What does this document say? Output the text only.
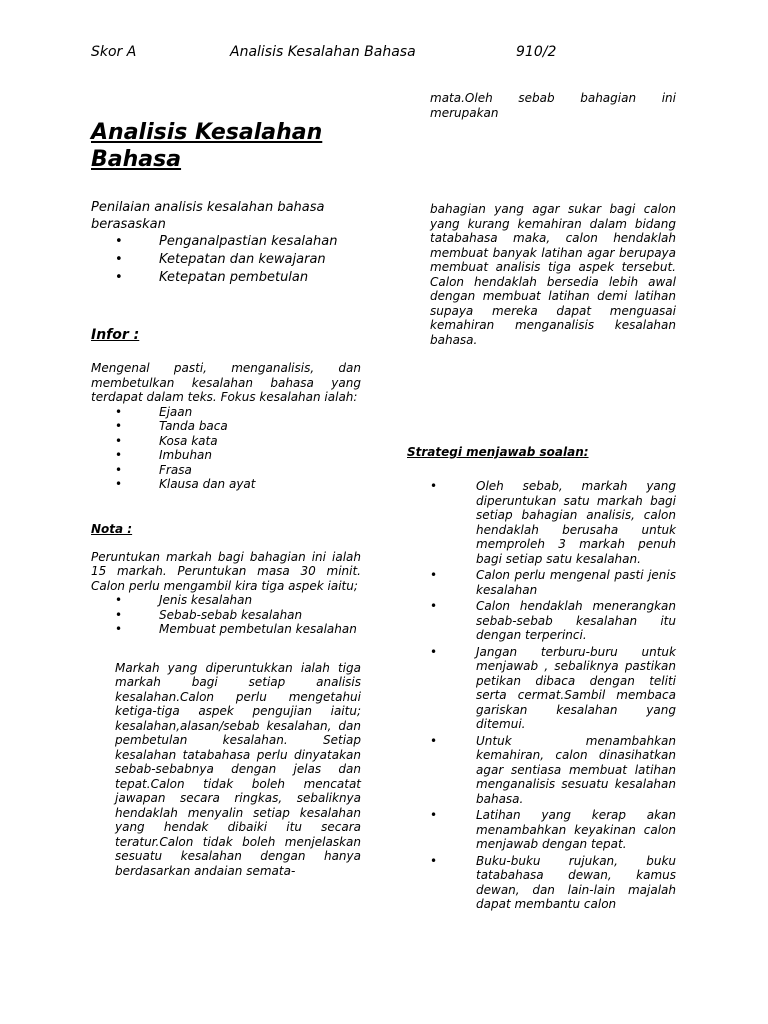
Skor A	Analisis Kesalahan Bahasa	910/2
Analisis Kesalahan Bahasa
Penilaian analisis kesalahan bahasa berasaskan
•	Penganalpastian kesalahan
•	Ketepatan dan kewajaran
•	Ketepatan pembetulan
Infor :
Mengenal pasti, menganalisis, dan membetulkan kesalahan bahasa yang terdapat dalam teks. Fokus kesalahan ialah:
•	Ejaan
•	Tanda baca
•	Kosa kata
•	Imbuhan
•	Frasa
•	Klausa dan ayat
Nota :
Peruntukan markah bagi bahagian ini ialah 15 markah. Peruntukan masa 30 minit. Calon perlu mengambil kira tiga aspek iaitu;
•	Jenis kesalahan
•	Sebab-sebab kesalahan
•	Membuat pembetulan kesalahan
Markah yang diperuntukkan ialah tiga markah bagi setiap analisis kesalahan.Calon perlu mengetahui ketiga-tiga aspek pengujian iaitu; kesalahan,alasan/sebab kesalahan, dan pembetulan kesalahan. Setiap kesalahan tatabahasa perlu dinyatakan sebab-sebabnya dengan jelas dan tepat.Calon tidak boleh mencatat jawapan secara ringkas, sebaliknya hendaklah menyalin setiap kesalahan yang hendak dibaiki itu secara teratur.Calon tidak boleh menjelaskan sesuatu kesalahan dengan hanya berdasarkan andaian semata-
mata.Oleh sebab bahagian ini merupakan
bahagian yang agar sukar bagi calon yang kurang kemahiran dalam bidang tatabahasa maka, calon hendaklah membuat banyak latihan agar berupaya membuat analisis tiga aspek tersebut. Calon hendaklah bersedia lebih awal dengan membuat latihan demi latihan supaya mereka dapat menguasai kemahiran menganalisis kesalahan bahasa.
Strategi menjawab soalan:
•	Oleh sebab, markah yang diperuntukan satu markah bagi setiap bahagian analisis, calon hendaklah berusaha untuk memproleh 3 markah penuh bagi setiap satu kesalahan.
•	Calon perlu mengenal pasti jenis kesalahan
•	Calon hendaklah menerangkan sebab-sebab kesalahan itu dengan terperinci.
•	Jangan terburu-buru untuk menjawab , sebaliknya pastikan petikan dibaca dengan teliti serta cermat.Sambil membaca gariskan kesalahan yang ditemui.
•	Untuk menambahkan kemahiran, calon dinasihatkan agar sentiasa membuat latihan menganalisis sesuatu kesalahan bahasa.
•	Latihan yang kerap akan menambahkan keyakinan calon menjawab dengan tepat.
•	Buku-buku rujukan, buku tatabahasa dewan, kamus dewan, dan lain-lain majalah dapat membantu calon
